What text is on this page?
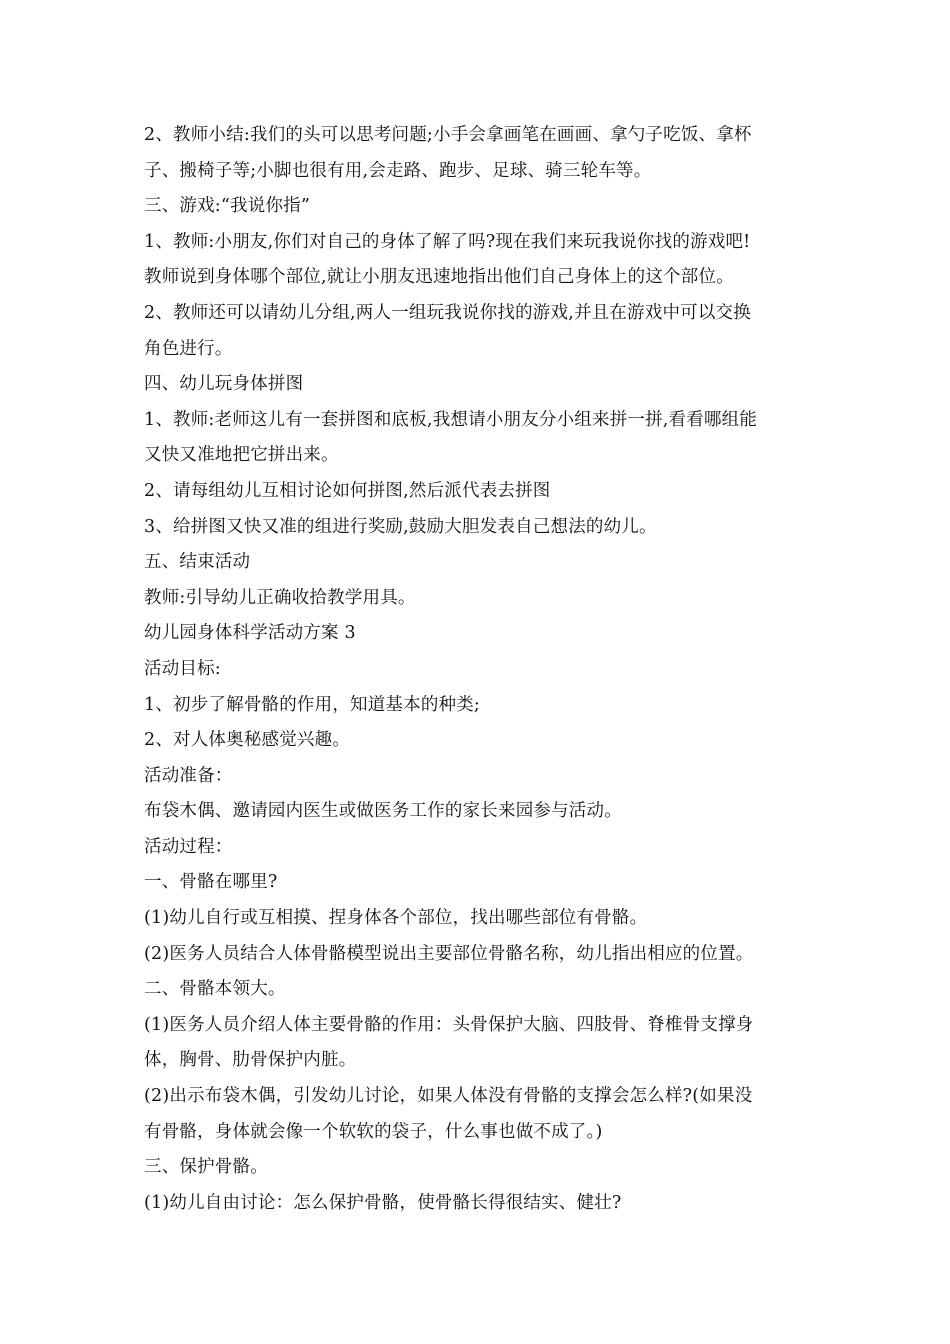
2、教师小结:我们的头可以思考问题;小手会拿画笔在画画、拿勺子吃饭、拿杯
子、搬椅子等;小脚也很有用,会走路、跑步、足球、骑三轮车等。
三、游戏:“我说你指”
1、教师:小朋友,你们对自己的身体了解了吗?现在我们来玩我说你找的游戏吧!
教师说到身体哪个部位,就让小朋友迅速地指出他们自己身体上的这个部位。
2、教师还可以请幼儿分组,两人一组玩我说你找的游戏,并且在游戏中可以交换
角色进行。
四、幼儿玩身体拼图
1、教师:老师这儿有一套拼图和底板,我想请小朋友分小组来拼一拼,看看哪组能
又快又准地把它拼出来。
2、请每组幼儿互相讨论如何拼图,然后派代表去拼图
3、给拼图又快又准的组进行奖励,鼓励大胆发表自己想法的幼儿。
五、结束活动
教师:引导幼儿正确收拾教学用具。
幼儿园身体科学活动方案 3
活动目标:
1、初步了解骨骼的作用，知道基本的种类;
2、对人体奥秘感觉兴趣。
活动准备：
布袋木偶、邀请园内医生或做医务工作的家长来园参与活动。
活动过程：
一、骨骼在哪里?
(1)幼儿自行或互相摸、捏身体各个部位，找出哪些部位有骨骼。
(2)医务人员结合人体骨骼模型说出主要部位骨骼名称，幼儿指出相应的位置。
二、骨骼本领大。
(1)医务人员介绍人体主要骨骼的作用：头骨保护大脑、四肢骨、脊椎骨支撑身
体，胸骨、肋骨保护内脏。
(2)出示布袋木偶，引发幼儿讨论，如果人体没有骨骼的支撑会怎么样?(如果没
有骨骼，身体就会像一个软软的袋子，什么事也做不成了。)
三、保护骨骼。
(1)幼儿自由讨论：怎么保护骨骼，使骨骼长得很结实、健壮?
